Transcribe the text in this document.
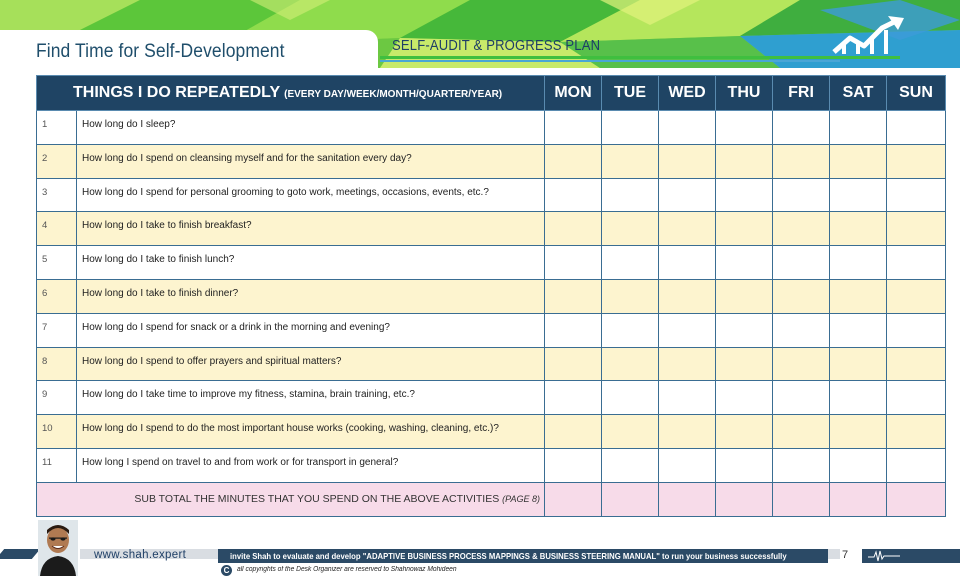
Find Time for Self-Development	SELF-AUDIT & PROGRESS PLAN
THINGS I DO REPEATEDLY (EVERY DAY/WEEK/MONTH/QUARTER/YEAR)		MON	TUE	WED	THU	FRI	SAT	SUN
1	How long do I sleep?							
2	How long do I spend on cleansing myself and for the sanitation every day?							
3	How long do I spend for personal grooming to goto work, meetings, occasions, events, etc.?							
4	How long do I take to finish breakfast?							
5	How long do I take to finish lunch?							
6	How long do I take to finish dinner?							
7	How long do I spend for snack or a drink in the morning and evening?							
8	How long do I spend to offer prayers and spiritual matters?							
9	How long do I take time to improve my fitness, stamina, brain training, etc.?							
10	How long do I spend to do the most important house works (cooking, washing, cleaning, etc.)?							
11	How long I spend on travel to and from work or for transport in general?							
SUB TOTAL THE MINUTES THAT YOU SPEND ON THE ABOVE ACTIVITIES (PAGE 8)								
www.shah.expert	invite Shah to evaluate and develop "ADAPTIVE BUSINESS PROCESS MAPPINGS & BUSINESS STEERING MANUAL" to run your business successfully	7
C	all copyrights of the Desk Organizer are reserved to Shahnowaz Mohideen
